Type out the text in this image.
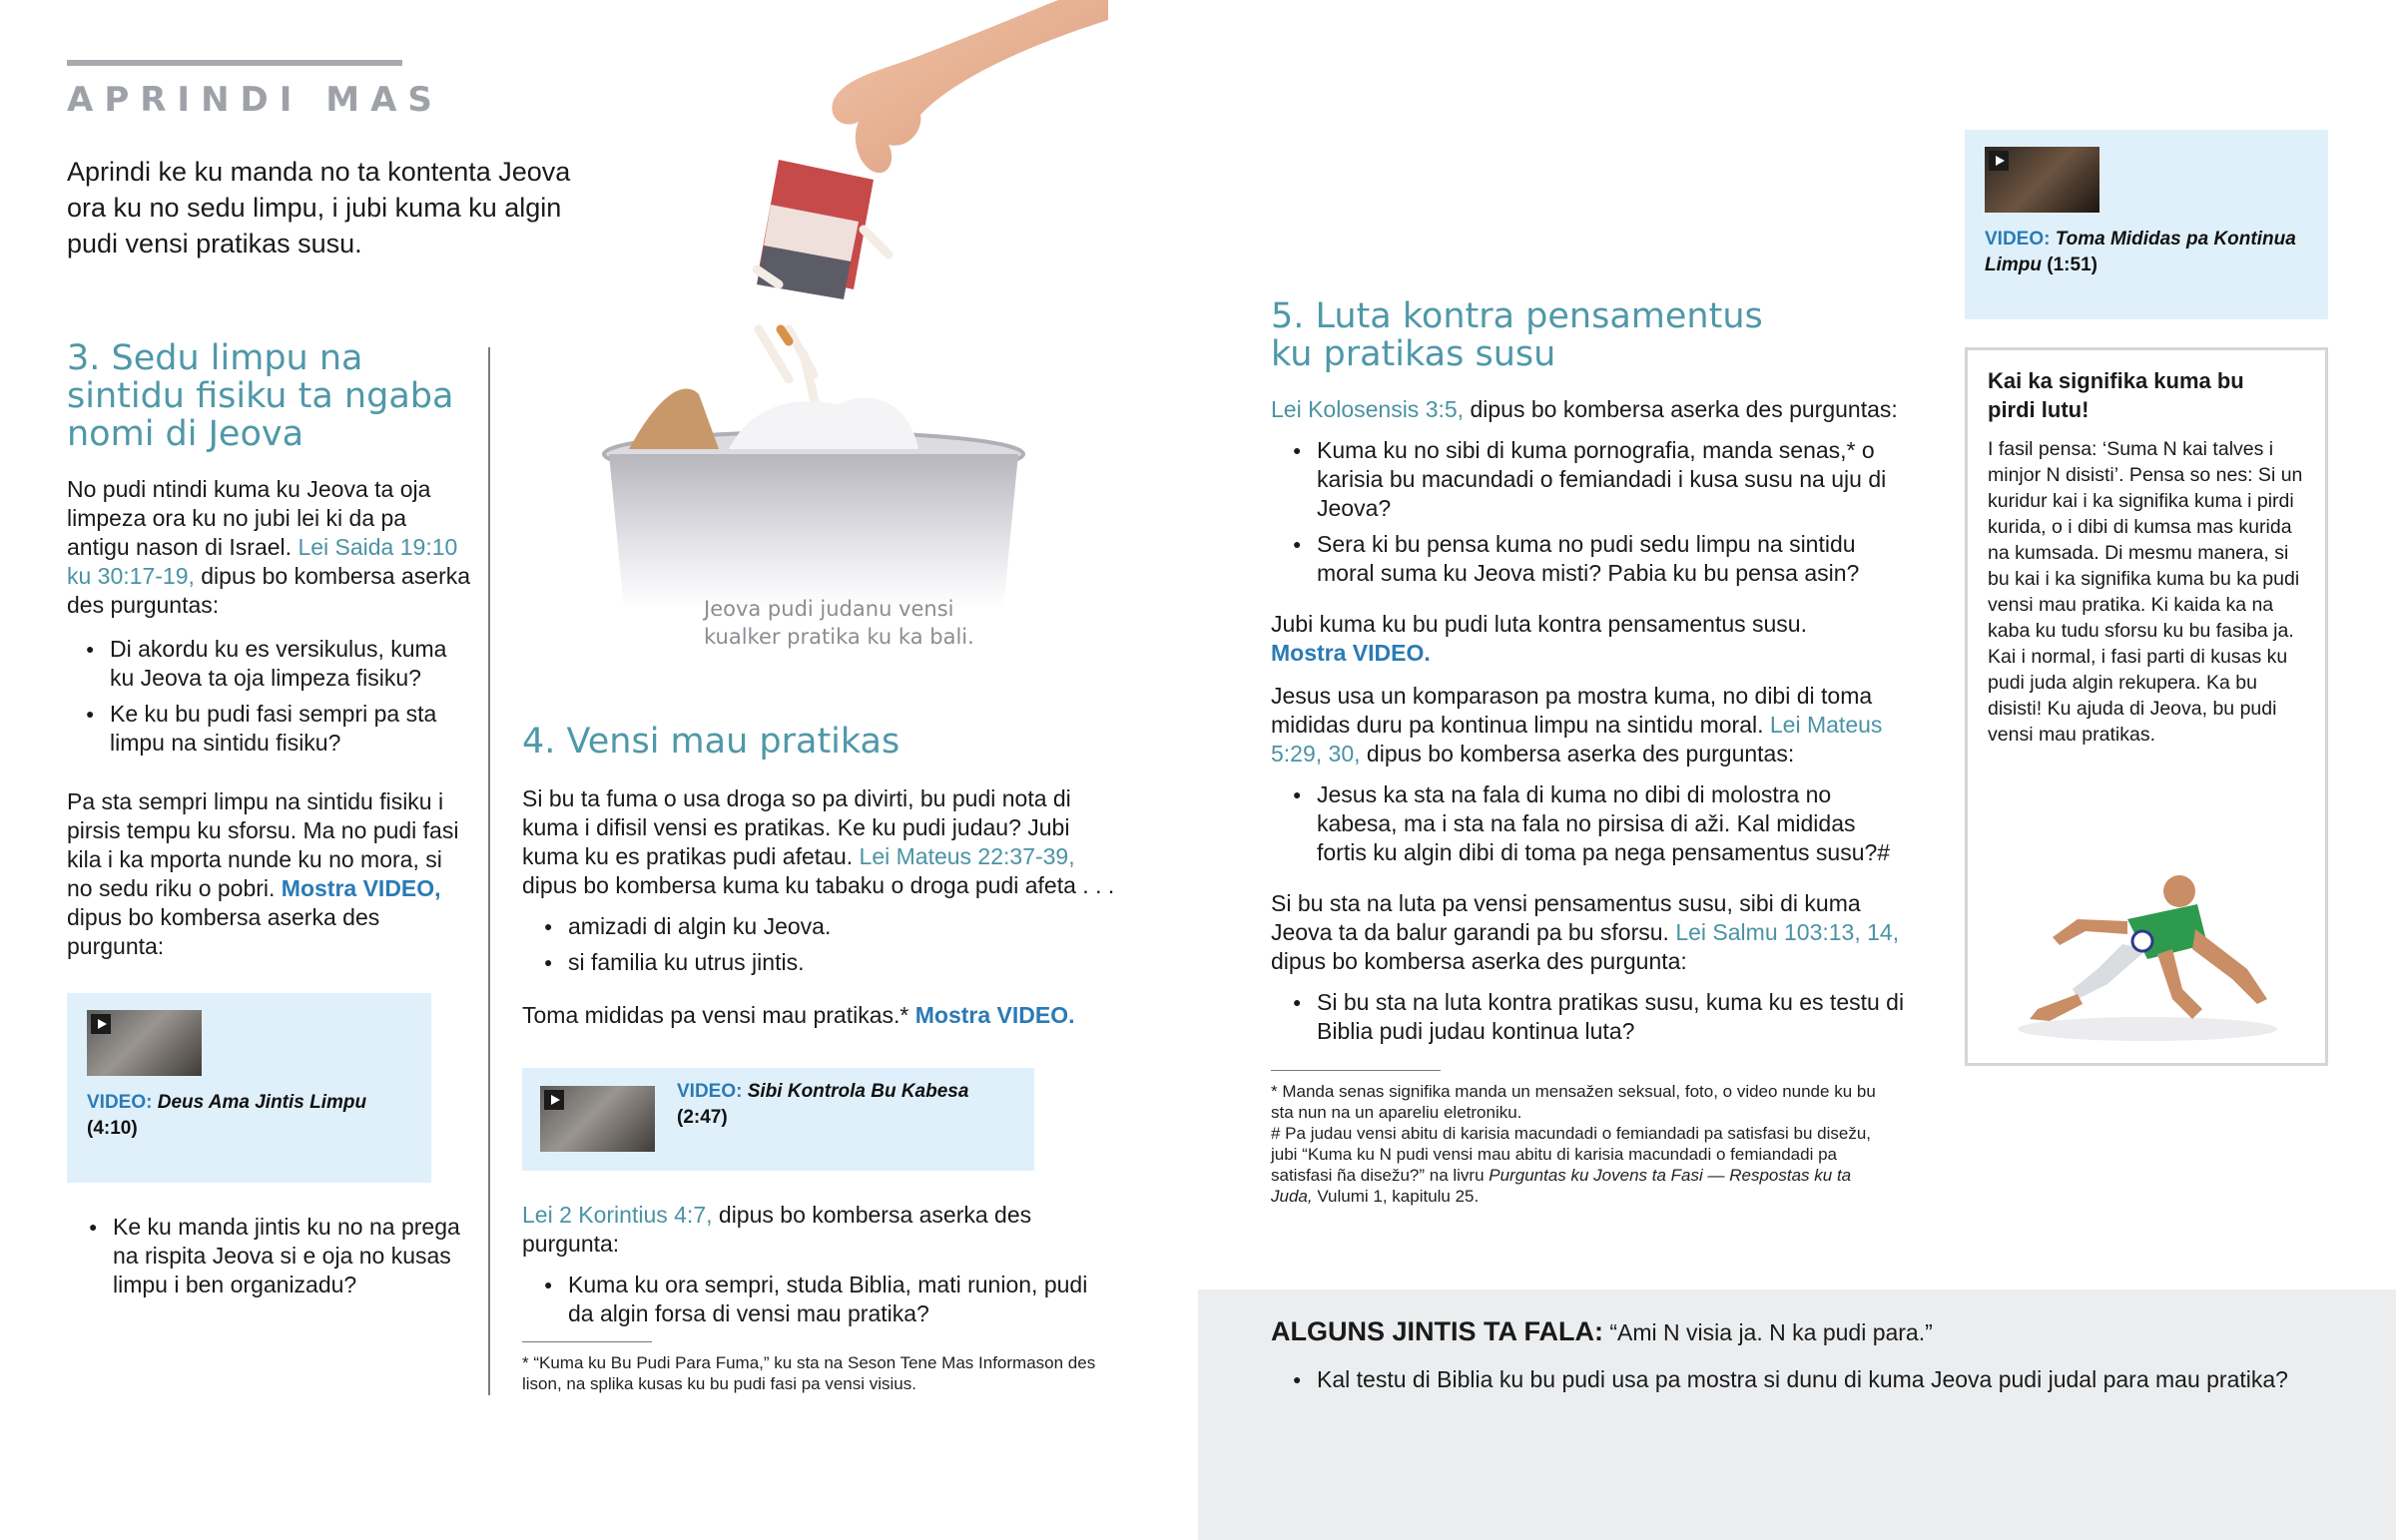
APRINDI MAS
Aprindi ke ku manda no ta kontenta Jeova ora ku no sedu limpu, i jubi kuma ku algin pudi vensi pratikas susu.
3. Sedu limpu na sintidu fisiku ta ngaba nomi di Jeova

No pudi ntindi kuma ku Jeova ta oja limpeza ora ku no jubi lei ki da pa antigu nason di Israel. Lei Saida 19:10 ku 30:17-19, dipus bo kombersa aserka des purguntas:

● Di akordu ku es versikulus, kuma ku Jeova ta oja limpeza fisiku?
● Ke ku bu pudi fasi sempri pa sta limpu na sintidu fisiku?

Pa sta sempri limpu na sintidu fisiku i pirsis tempu ku sforsu. Ma no pudi fasi kila i ka mporta nunde ku no mora, si no sedu riku o pobri. Mostra VIDEO, dipus bo kombersa aserka des purgunta:

VIDEO: Deus Ama Jintis Limpu
(4:10)
● Ke ku manda jintis ku no na prega na rispita Jeova si e oja no kusas limpu i ben organizadu?
Jeova pudi judanu vensi
kualker pratika ku ka bali.
4. Vensi mau pratikas

Si bu ta fuma o usa droga so pa divirti, bu pudi nota di kuma i difisil vensi es pratikas. Ke ku pudi judau? Jubi kuma ku es pratikas pudi afetau. Lei Mateus 22:37-39, dipus bo kombersa kuma ku tabaku o droga pudi afeta . . .

● amizadi di algin ku Jeova.
● si familia ku utrus jintis.

Toma mididas pa vensi mau pratikas.* Mostra VIDEO.

VIDEO: Sibi Kontrola Bu Kabesa
(2:47)

Lei 2 Korintius 4:7, dipus bo kombersa aserka des purgunta:

● Kuma ku ora sempri, studa Biblia, mati runion, pudi da algin forsa di vensi mau pratika?
* “Kuma ku Bu Pudi Para Fuma,” ku sta na Seson Tene Mas Informason des lison, na splika kusas ku bu pudi fasi pa vensi visius.
5. Luta kontra pensamentus
ku pratikas susu

Lei Kolosensis 3:5, dipus bo kombersa aserka des purguntas:

● Kuma ku no sibi di kuma pornografia, manda senas,* o karisia bu macundadi o femiandadi i kusa susu na uju di Jeova?
● Sera ki bu pensa kuma no pudi sedu limpu na sintidu moral suma ku Jeova misti? Pabia ku bu pensa asin?

Jubi kuma ku bu pudi luta kontra pensamentus susu.
Mostra VIDEO.

Jesus usa un komparason pa mostra kuma, no dibi di toma mididas duru pa kontinua limpu na sintidu moral. Lei Mateus 5:29, 30, dipus bo kombersa aserka des purguntas:

● Jesus ka sta na fala di kuma no dibi di molostra no kabesa, ma i sta na fala no pirsisa di aži. Kal mididas fortis ku algin dibi di toma pa nega pensamentus susu?#

Si bu sta na luta pa vensi pensamentus susu, sibi di kuma Jeova ta da balur garandi pa bu sforsu. Lei Salmu 103:13, 14, dipus bo kombersa aserka des purgunta:

● Si bu sta na luta kontra pratikas susu, kuma ku es testu di Biblia pudi judau kontinua luta?
* Manda senas signifika manda un mensažen seksual, foto, o video nunde ku bu sta nun na un apareliu eletroniku.
# Pa judau vensi abitu di karisia macundadi o femiandadi pa satisfasi bu disežu, jubi “Kuma ku N pudi vensi mau abitu di karisia macundadi o femiandadi pa satisfasi ña disežu?” na livru Purguntas ku Jovens ta Fasi — Respostas ku ta Juda, Vulumi 1, kapitulu 25.
VIDEO: Toma Mididas pa Kontinua Limpu (1:51)
Kai ka signifika kuma bu pirdi lutu!
I fasil pensa: ‘Suma N kai talves i minjor N disisti’. Pensa so nes: Si un kuridur kai i ka signifika kuma i pirdi kurida, o i dibi di kumsa mas kurida na kumsada. Di mesmu manera, si bu kai i ka signifika kuma bu ka pudi vensi mau pratika. Ki kaida ka na kaba ku tudu sforsu ku bu fasiba ja. Kai i normal, i fasi parti di kusas ku pudi juda algin rekupera. Ka bu disisti! Ku ajuda di Jeova, bu pudi vensi mau pratikas.
ALGUNS JINTIS TA FALA: “Ami N visia ja. N ka pudi para.”
● Kal testu di Biblia ku bu pudi usa pa mostra si dunu di kuma Jeova pudi judal para mau pratika?
